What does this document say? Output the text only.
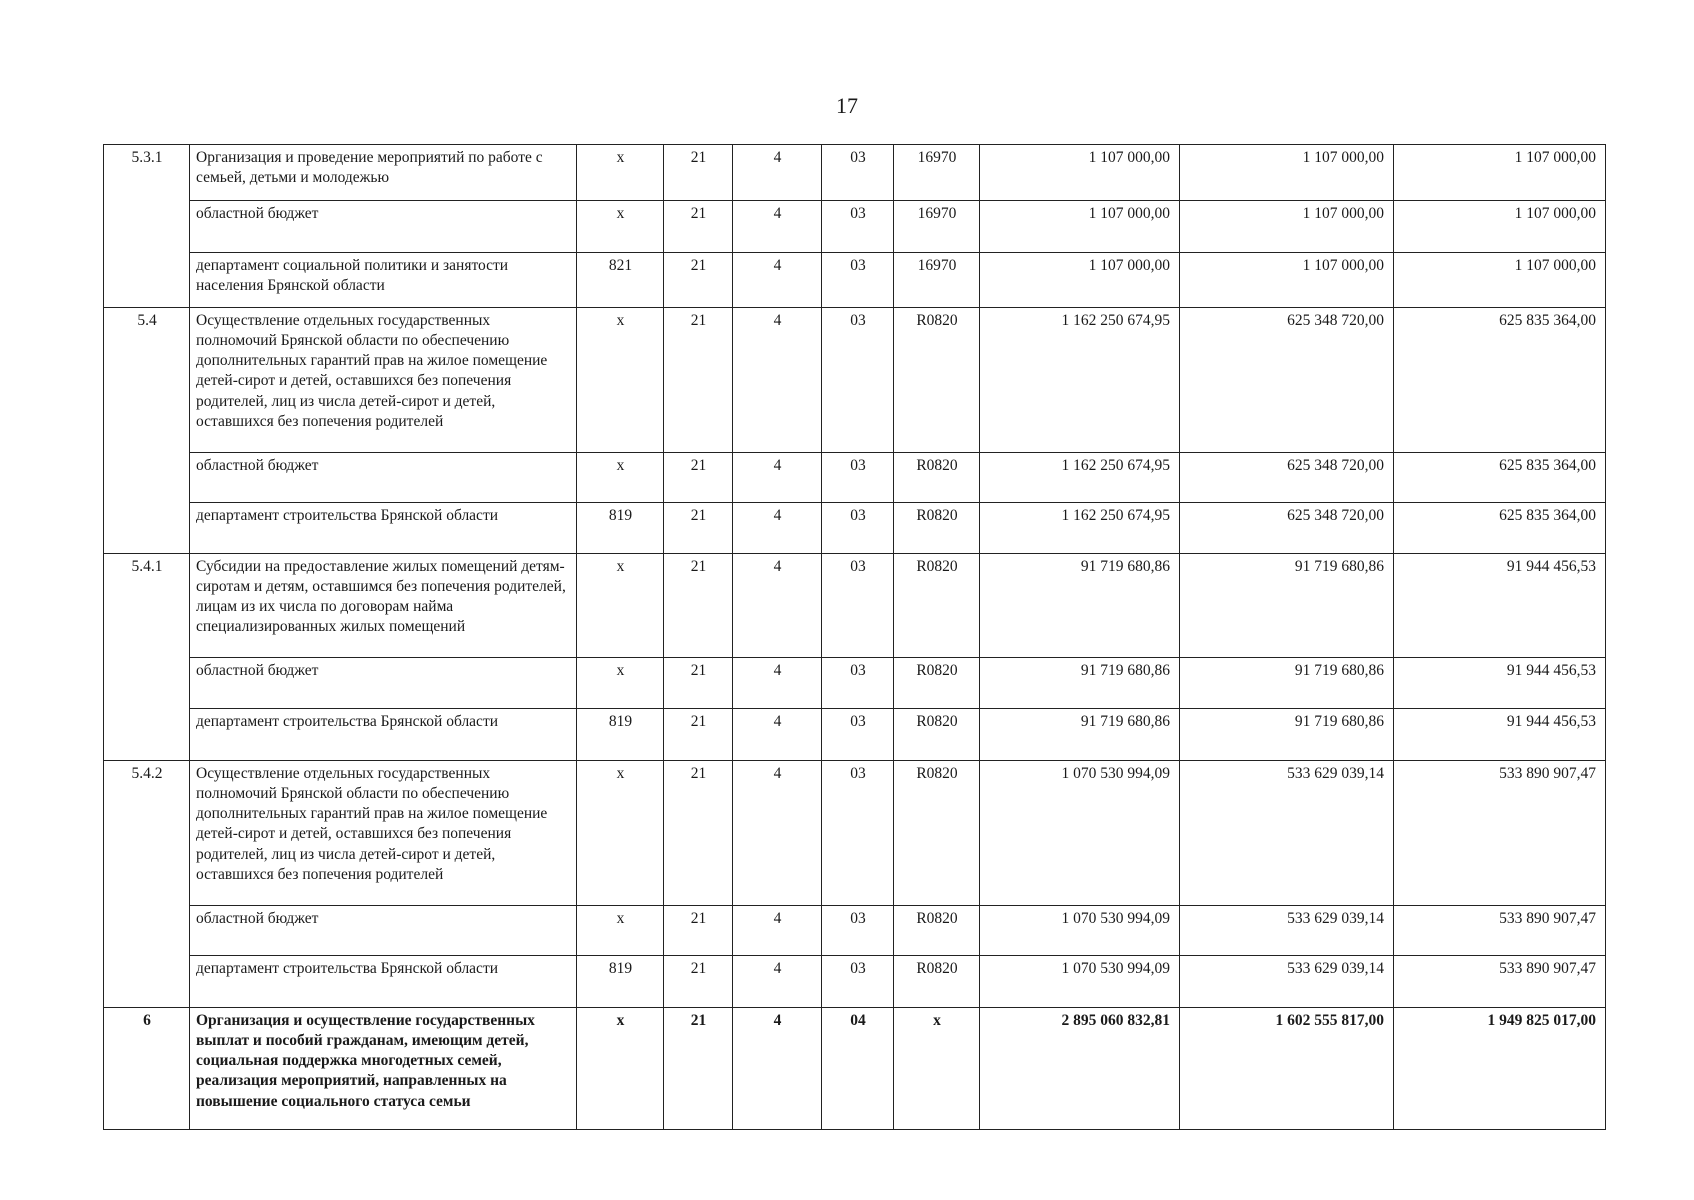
17
5.3.1	Организация и проведение мероприятий по работе с семьей, детьми и молодежью	x	21	4	03	16970	1 107 000,00	1 107 000,00	1 107 000,00
	областной бюджет	x	21	4	03	16970	1 107 000,00	1 107 000,00	1 107 000,00
	департамент социальной политики и занятости населения Брянской области	821	21	4	03	16970	1 107 000,00	1 107 000,00	1 107 000,00
5.4	Осуществление отдельных государственных полномочий Брянской области по обеспечению дополнительных гарантий прав на жилое помещение детей-сирот и детей, оставшихся без попечения родителей, лиц из числа детей-сирот и детей, оставшихся без попечения родителей	x	21	4	03	R0820	1 162 250 674,95	625 348 720,00	625 835 364,00
	областной бюджет	x	21	4	03	R0820	1 162 250 674,95	625 348 720,00	625 835 364,00
	департамент строительства Брянской области	819	21	4	03	R0820	1 162 250 674,95	625 348 720,00	625 835 364,00
5.4.1	Субсидии на предоставление жилых помещений детям-сиротам и детям, оставшимся без попечения родителей, лицам из их числа по договорам найма специализированных жилых помещений	x	21	4	03	R0820	91 719 680,86	91 719 680,86	91 944 456,53
	областной бюджет	x	21	4	03	R0820	91 719 680,86	91 719 680,86	91 944 456,53
	департамент строительства Брянской области	819	21	4	03	R0820	91 719 680,86	91 719 680,86	91 944 456,53
5.4.2	Осуществление отдельных государственных полномочий Брянской области по обеспечению дополнительных гарантий прав на жилое помещение детей-сирот и детей, оставшихся без попечения родителей, лиц из числа детей-сирот и детей, оставшихся без попечения родителей	x	21	4	03	R0820	1 070 530 994,09	533 629 039,14	533 890 907,47
	областной бюджет	x	21	4	03	R0820	1 070 530 994,09	533 629 039,14	533 890 907,47
	департамент строительства Брянской области	819	21	4	03	R0820	1 070 530 994,09	533 629 039,14	533 890 907,47
6	Организация и осуществление государственных выплат и пособий гражданам, имеющим детей, социальная поддержка многодетных семей, реализация мероприятий, направленных на повышение социального статуса семьи	x	21	4	04	x	2 895 060 832,81	1 602 555 817,00	1 949 825 017,00
